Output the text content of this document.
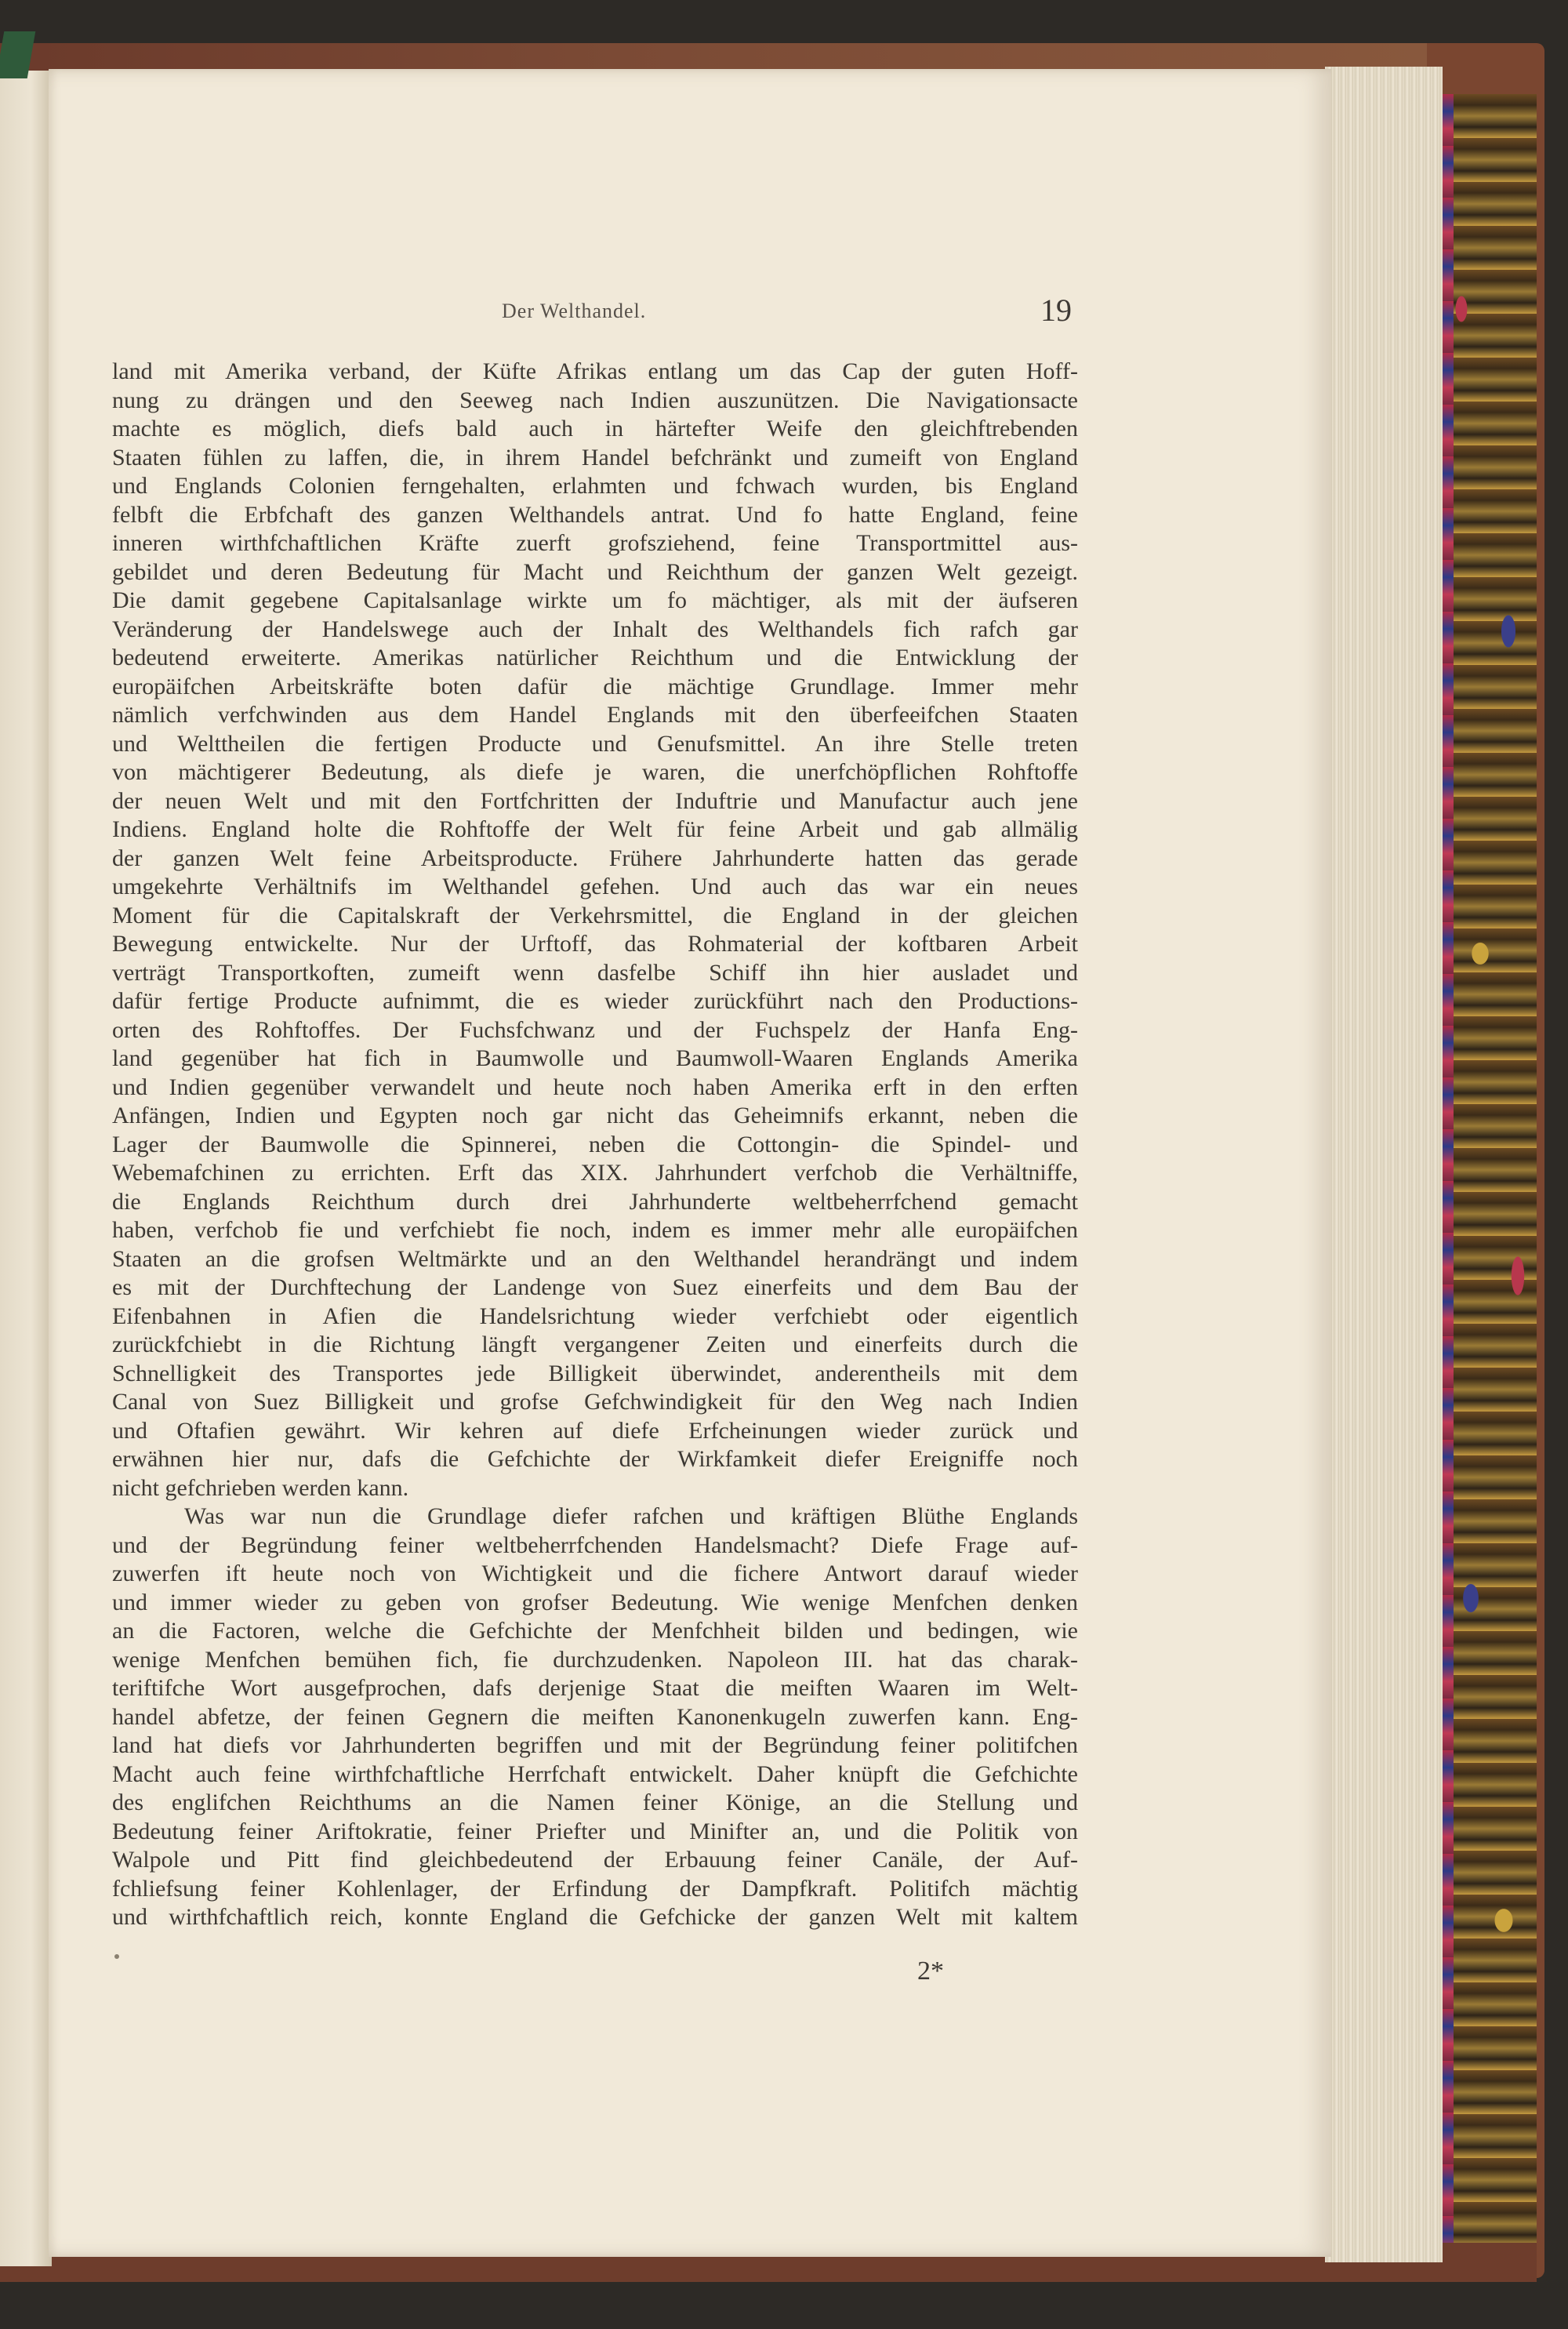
Der Welthandel.	19
land mit Amerika verband, der Küfte Afrikas entlang um das Cap der guten Hoff-
nung zu drängen und den Seeweg nach Indien auszunützen. Die Navigationsacte
machte es möglich, diefs bald auch in härtefter Weife den gleichftrebenden
Staaten fühlen zu laffen, die, in ihrem Handel befchränkt und zumeift von England
und Englands Colonien ferngehalten, erlahmten und fchwach wurden, bis England
felbft die Erbfchaft des ganzen Welthandels antrat. Und fo hatte England, feine
inneren wirthfchaftlichen Kräfte zuerft grofsziehend, feine Transportmittel aus-
gebildet und deren Bedeutung für Macht und Reichthum der ganzen Welt gezeigt.
Die damit gegebene Capitalsanlage wirkte um fo mächtiger, als mit der äufseren
Veränderung der Handelswege auch der Inhalt des Welthandels fich rafch gar
bedeutend erweiterte. Amerikas natürlicher Reichthum und die Entwicklung der
europäifchen Arbeitskräfte boten dafür die mächtige Grundlage. Immer mehr
nämlich verfchwinden aus dem Handel Englands mit den überfeeifchen Staaten
und Welttheilen die fertigen Producte und Genufsmittel. An ihre Stelle treten
von mächtigerer Bedeutung, als diefe je waren, die unerfchöpflichen Rohftoffe
der neuen Welt und mit den Fortfchritten der Induftrie und Manufactur auch jene
Indiens. England holte die Rohftoffe der Welt für feine Arbeit und gab allmälig
der ganzen Welt feine Arbeitsproducte. Frühere Jahrhunderte hatten das gerade
umgekehrte Verhältnifs im Welthandel gefehen. Und auch das war ein neues
Moment für die Capitalskraft der Verkehrsmittel, die England in der gleichen
Bewegung entwickelte. Nur der Urftoff, das Rohmaterial der koftbaren Arbeit
verträgt Transportkoften, zumeift wenn dasfelbe Schiff ihn hier ausladet und
dafür fertige Producte aufnimmt, die es wieder zurückführt nach den Productions-
orten des Rohftoffes. Der Fuchsfchwanz und der Fuchspelz der Hanfa Eng-
land gegenüber hat fich in Baumwolle und Baumwoll-Waaren Englands Amerika
und Indien gegenüber verwandelt und heute noch haben Amerika erft in den erften
Anfängen, Indien und Egypten noch gar nicht das Geheimnifs erkannt, neben die
Lager der Baumwolle die Spinnerei, neben die Cottongin- die Spindel- und
Webemafchinen zu errichten. Erft das XIX. Jahrhundert verfchob die Verhältniffe,
die Englands Reichthum durch drei Jahrhunderte weltbeherrfchend gemacht
haben, verfchob fie und verfchiebt fie noch, indem es immer mehr alle europäifchen
Staaten an die grofsen Weltmärkte und an den Welthandel herandrängt und indem
es mit der Durchftechung der Landenge von Suez einerfeits und dem Bau der
Eifenbahnen in Afien die Handelsrichtung wieder verfchiebt oder eigentlich
zurückfchiebt in die Richtung längft vergangener Zeiten und einerfeits durch die
Schnelligkeit des Transportes jede Billigkeit überwindet, anderentheils mit dem
Canal von Suez Billigkeit und grofse Gefchwindigkeit für den Weg nach Indien
und Oftafien gewährt. Wir kehren auf diefe Erfcheinungen wieder zurück und
erwähnen hier nur, dafs die Gefchichte der Wirkfamkeit diefer Ereigniffe noch
nicht gefchrieben werden kann.
Was war nun die Grundlage diefer rafchen und kräftigen Blüthe Englands
und der Begründung feiner weltbeherrfchenden Handelsmacht? Diefe Frage auf-
zuwerfen ift heute noch von Wichtigkeit und die fichere Antwort darauf wieder
und immer wieder zu geben von grofser Bedeutung. Wie wenige Menfchen denken
an die Factoren, welche die Gefchichte der Menfchheit bilden und bedingen, wie
wenige Menfchen bemühen fich, fie durchzudenken. Napoleon III. hat das charak-
teriftifche Wort ausgefprochen, dafs derjenige Staat die meiften Waaren im Welt-
handel abfetze, der feinen Gegnern die meiften Kanonenkugeln zuwerfen kann. Eng-
land hat diefs vor Jahrhunderten begriffen und mit der Begründung feiner politifchen
Macht auch feine wirthfchaftliche Herrfchaft entwickelt. Daher knüpft die Gefchichte
des englifchen Reichthums an die Namen feiner Könige, an die Stellung und
Bedeutung feiner Ariftokratie, feiner Priefter und Minifter an, und die Politik von
Walpole und Pitt find gleichbedeutend der Erbauung feiner Canäle, der Auf-
fchliefsung feiner Kohlenlager, der Erfindung der Dampfkraft. Politifch mächtig
und wirthfchaftlich reich, konnte England die Gefchicke der ganzen Welt mit kaltem
2*
